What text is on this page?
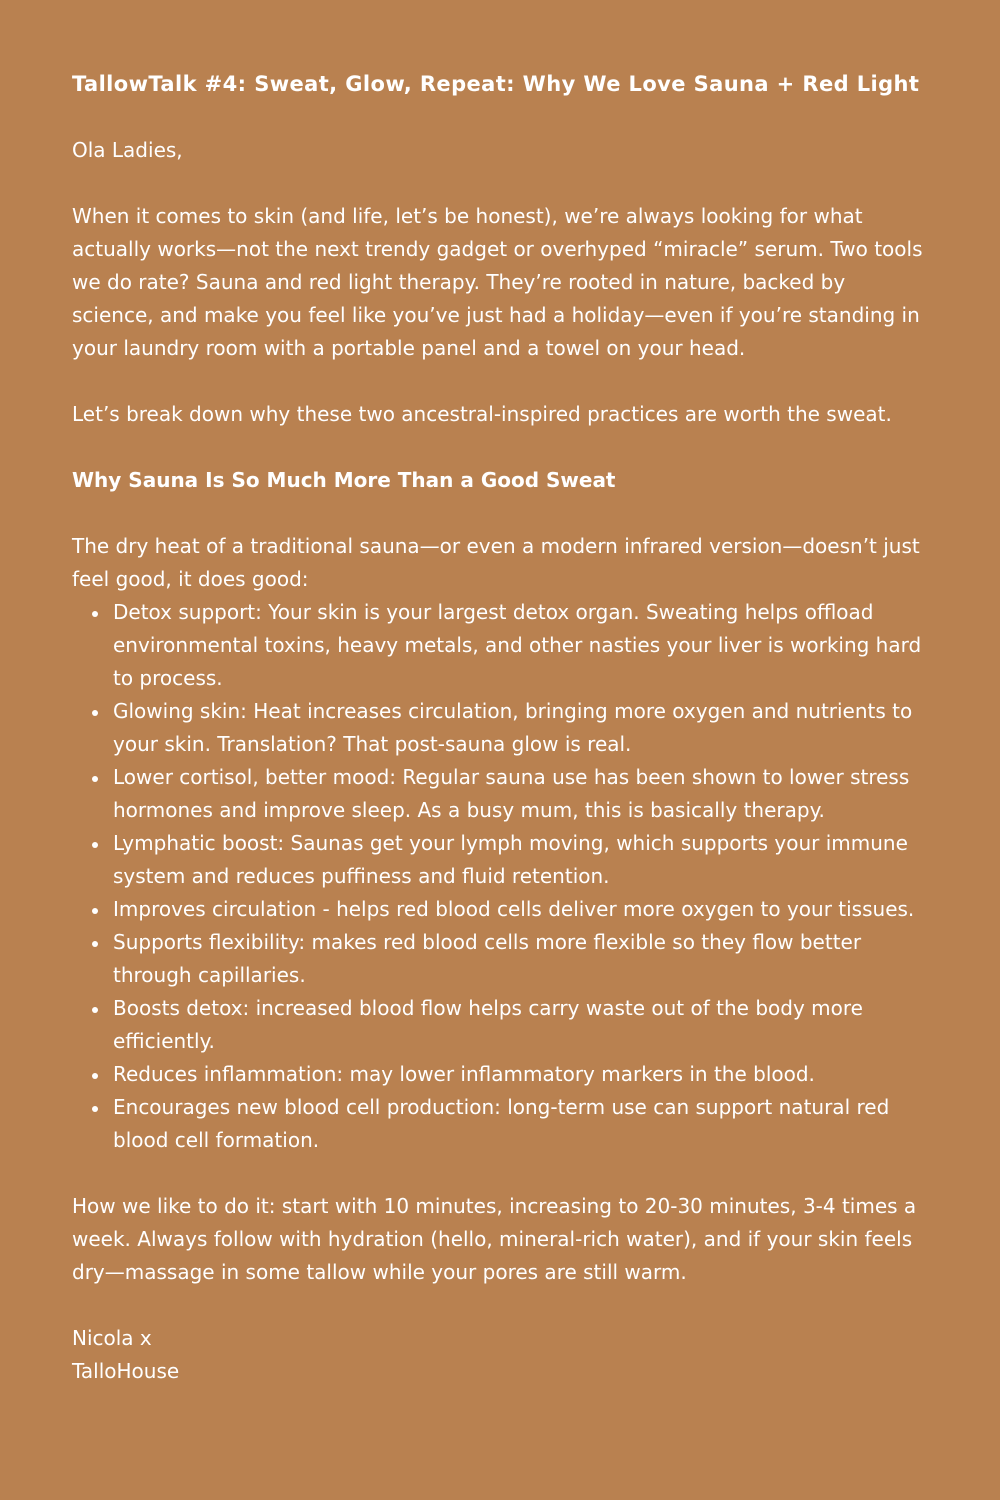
TallowTalk #4: Sweat, Glow, Repeat: Why We Love Sauna + Red Light

Ola Ladies,

When it comes to skin (and life, let’s be honest), we’re always looking for what actually works—not the next trendy gadget or overhyped “miracle” serum. Two tools we do rate? Sauna and red light therapy. They’re rooted in nature, backed by science, and make you feel like you’ve just had a holiday—even if you’re standing in your laundry room with a portable panel and a towel on your head.

Let’s break down why these two ancestral-inspired practices are worth the sweat.

Why Sauna Is So Much More Than a Good Sweat

The dry heat of a traditional sauna—or even a modern infrared version—doesn’t just feel good, it does good:

Detox support: Your skin is your largest detox organ. Sweating helps offload environmental toxins, heavy metals, and other nasties your liver is working hard to process.
Glowing skin: Heat increases circulation, bringing more oxygen and nutrients to your skin. Translation? That post-sauna glow is real.
Lower cortisol, better mood: Regular sauna use has been shown to lower stress hormones and improve sleep. As a busy mum, this is basically therapy.
Lymphatic boost: Saunas get your lymph moving, which supports your immune system and reduces puffiness and fluid retention.
Improves circulation - helps red blood cells deliver more oxygen to your tissues.
Supports flexibility: makes red blood cells more flexible so they flow better through capillaries.
Boosts detox: increased blood flow helps carry waste out of the body more efficiently.
Reduces inflammation: may lower inflammatory markers in the blood.
Encourages new blood cell production: long-term use can support natural red blood cell formation.

How we like to do it: start with 10 minutes, increasing to 20-30 minutes, 3-4 times a week. Always follow with hydration (hello, mineral-rich water), and if your skin feels dry—massage in some tallow while your pores are still warm.

Nicola x
TalloHouse
